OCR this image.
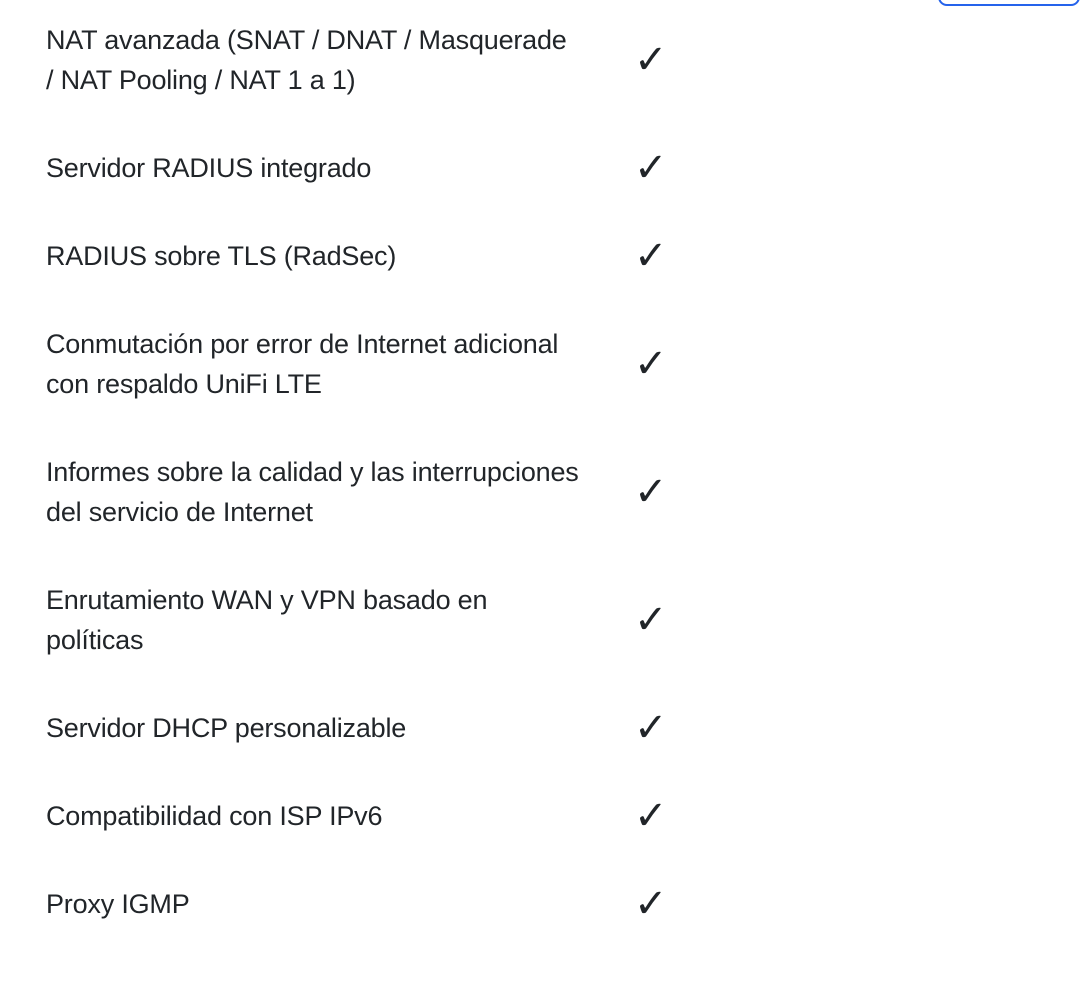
NAT avanzada (SNAT / DNAT / Masquerade
/ NAT Pooling / NAT 1 a 1)	✓
Servidor RADIUS integrado	✓
RADIUS sobre TLS (RadSec)	✓
Conmutación por error de Internet adicional
con respaldo UniFi LTE	✓
Informes sobre la calidad y las interrupciones
del servicio de Internet	✓
Enrutamiento WAN y VPN basado en
políticas	✓
Servidor DHCP personalizable	✓
Compatibilidad con ISP IPv6	✓
Proxy IGMP	✓
